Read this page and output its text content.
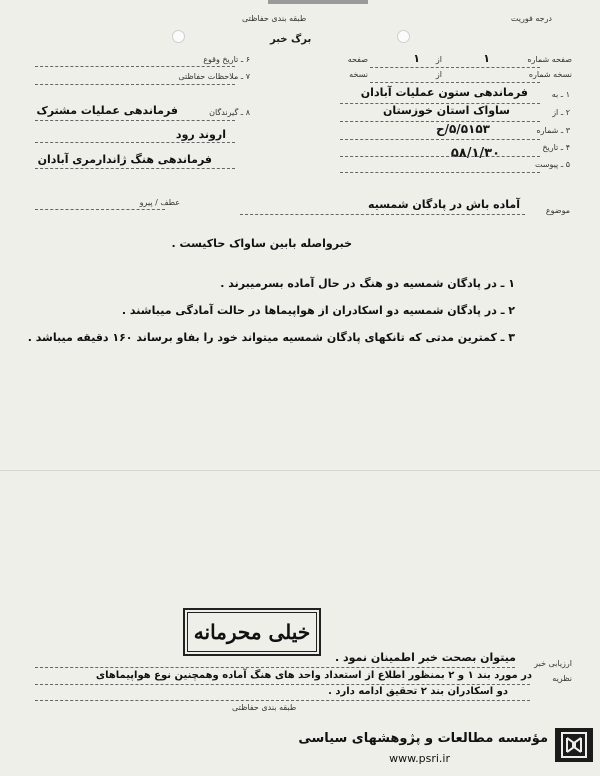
طبقه بندی حفاظتی	درجه فوریت
برگ خبر
صفحه شماره
۱
از
۱
صفحه
نسخه شماره
از
نسخه
۱ ـ به
فرماندهی ستون عملیات آبادان
۲ ـ از
ساواک استان خوزستان
۳ ـ شماره
۵/۵۱۵۳/ح
۴ ـ تاریخ
۵۸/۱/۳۰
۵ ـ پیوست
۶ ـ تاریخ وقوع
۷ ـ ملاحظات حفاظتی
۸ ـ گیرندگان
فرماندهی عملیات مشترک
اروند رود
فرماندهی هنگ ژاندارمری آبادان
عطف / پیرو
موضوع
آماده باش در پادگان شمسیه
خبرواصله بابین ساواک حاکیست .
۱ ـ در پادگان شمسیه دو هنگ در حال آماده بسرمیبرند .
۲ ـ در پادگان شمسیه دو اسکادران از هواپیماها در حالت آمادگی میباشند .
۳ ـ کمترین مدتی که تانکهای پادگان شمسیه میتواند خود را بفاو برساند ۱۶۰ دقیقه میباشد .
خیلی محرمانه
ارزیابی خبر
میتوان بصحت خبر اطمینان نمود .
نظریه
در مورد بند ۱ و ۲ بمنظور اطلاع از استعداد واحد های هنگ آماده وهمچنین نوع هواپیماهای
دو اسکادران بند ۲ تحقیق ادامه دارد .
طبقه بندی حفاظتی
مؤسسه مطالعات و پژوهشهای سیاسی
www.psri.ir
